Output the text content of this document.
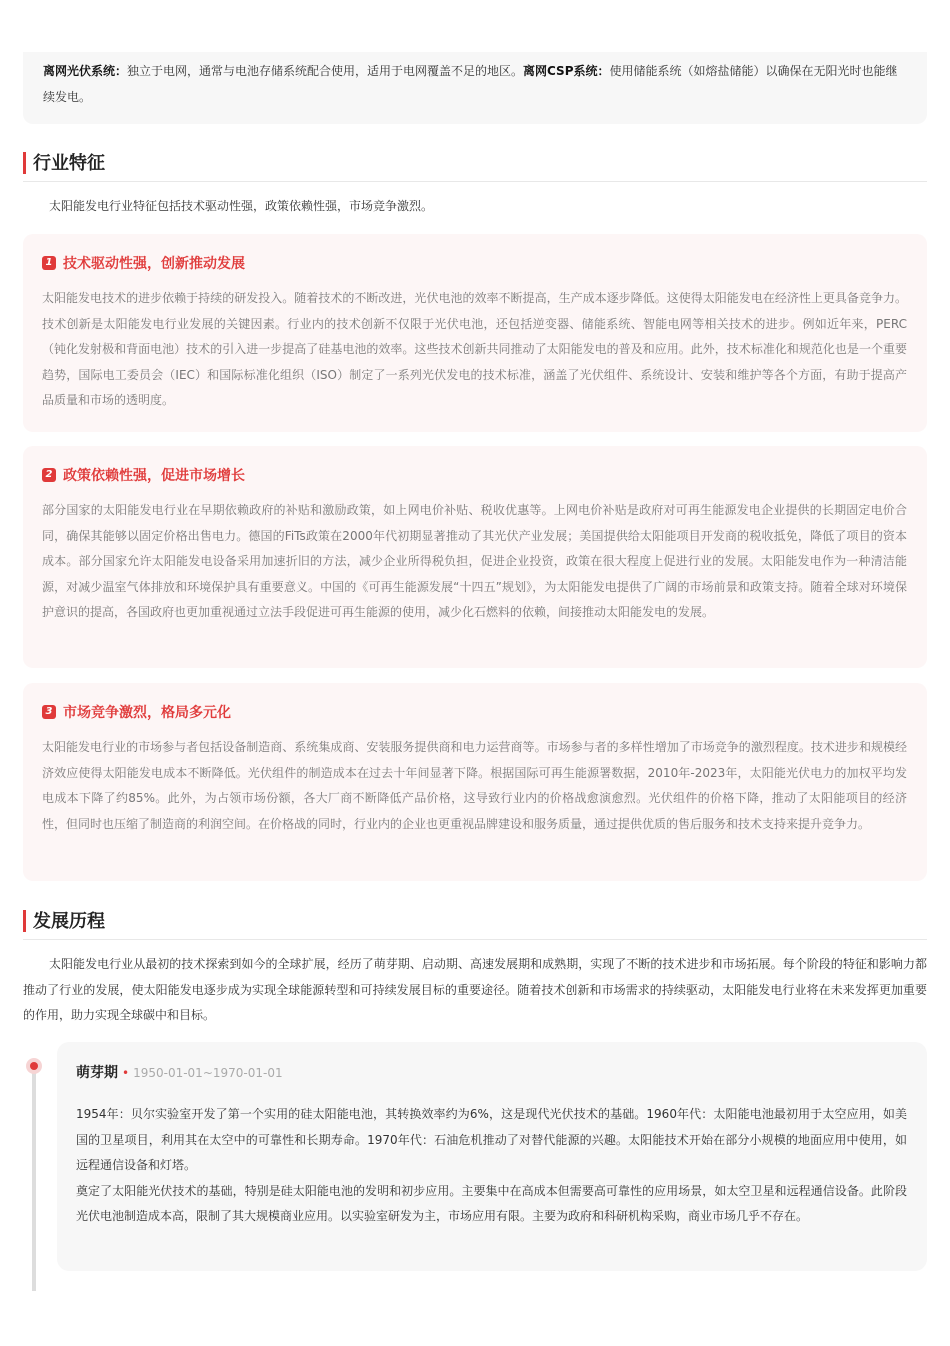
离网光伏系统：独立于电网，通常与电池存储系统配合使用，适用于电网覆盖不足的地区。离网CSP系统：使用储能系统（如熔盐储能）以确保在无阳光时也能继续发电。
行业特征
太阳能发电行业特征包括技术驱动性强，政策依赖性强，市场竞争激烈。
1 技术驱动性强，创新推动发展
太阳能发电技术的进步依赖于持续的研发投入。随着技术的不断改进，光伏电池的效率不断提高，生产成本逐步降低。这使得太阳能发电在经济性上更具备竞争力。技术创新是太阳能发电行业发展的关键因素。行业内的技术创新不仅限于光伏电池，还包括逆变器、储能系统、智能电网等相关技术的进步。例如近年来，PERC（钝化发射极和背面电池）技术的引入进一步提高了硅基电池的效率。这些技术创新共同推动了太阳能发电的普及和应用。此外，技术标准化和规范化也是一个重要趋势，国际电工委员会（IEC）和国际标准化组织（ISO）制定了一系列光伏发电的技术标准，涵盖了光伏组件、系统设计、安装和维护等各个方面，有助于提高产品质量和市场的透明度。
2 政策依赖性强，促进市场增长
部分国家的太阳能发电行业在早期依赖政府的补贴和激励政策，如上网电价补贴、税收优惠等。上网电价补贴是政府对可再生能源发电企业提供的长期固定电价合同，确保其能够以固定价格出售电力。德国的FiTs政策在2000年代初期显著推动了其光伏产业发展；美国提供给太阳能项目开发商的税收抵免，降低了项目的资本成本。部分国家允许太阳能发电设备采用加速折旧的方法，减少企业所得税负担，促进企业投资，政策在很大程度上促进行业的发展。太阳能发电作为一种清洁能源，对减少温室气体排放和环境保护具有重要意义。中国的《可再生能源发展“十四五”规划》，为太阳能发电提供了广阔的市场前景和政策支持。随着全球对环境保护意识的提高，各国政府也更加重视通过立法手段促进可再生能源的使用，减少化石燃料的依赖，间接推动太阳能发电的发展。
3 市场竞争激烈，格局多元化
太阳能发电行业的市场参与者包括设备制造商、系统集成商、安装服务提供商和电力运营商等。市场参与者的多样性增加了市场竞争的激烈程度。技术进步和规模经济效应使得太阳能发电成本不断降低。光伏组件的制造成本在过去十年间显著下降。根据国际可再生能源署数据，2010年-2023年，太阳能光伏电力的加权平均发电成本下降了约85%。此外，为占领市场份额，各大厂商不断降低产品价格，这导致行业内的价格战愈演愈烈。光伏组件的价格下降，推动了太阳能项目的经济性，但同时也压缩了制造商的利润空间。在价格战的同时，行业内的企业也更重视品牌建设和服务质量，通过提供优质的售后服务和技术支持来提升竞争力。
发展历程
太阳能发电行业从最初的技术探索到如今的全球扩展，经历了萌芽期、启动期、高速发展期和成熟期，实现了不断的技术进步和市场拓展。每个阶段的特征和影响力都推动了行业的发展，使太阳能发电逐步成为实现全球能源转型和可持续发展目标的重要途径。随着技术创新和市场需求的持续驱动，太阳能发电行业将在未来发挥更加重要的作用，助力实现全球碳中和目标。
萌芽期 • 1950-01-01~1970-01-01
1954年：贝尔实验室开发了第一个实用的硅太阳能电池，其转换效率约为6%，这是现代光伏技术的基础。1960年代：太阳能电池最初用于太空应用，如美国的卫星项目，利用其在太空中的可靠性和长期寿命。1970年代：石油危机推动了对替代能源的兴趣。太阳能技术开始在部分小规模的地面应用中使用，如远程通信设备和灯塔。
奠定了太阳能光伏技术的基础，特别是硅太阳能电池的发明和初步应用。主要集中在高成本但需要高可靠性的应用场景，如太空卫星和远程通信设备。此阶段光伏电池制造成本高，限制了其大规模商业应用。以实验室研发为主，市场应用有限。主要为政府和科研机构采购，商业市场几乎不存在。
